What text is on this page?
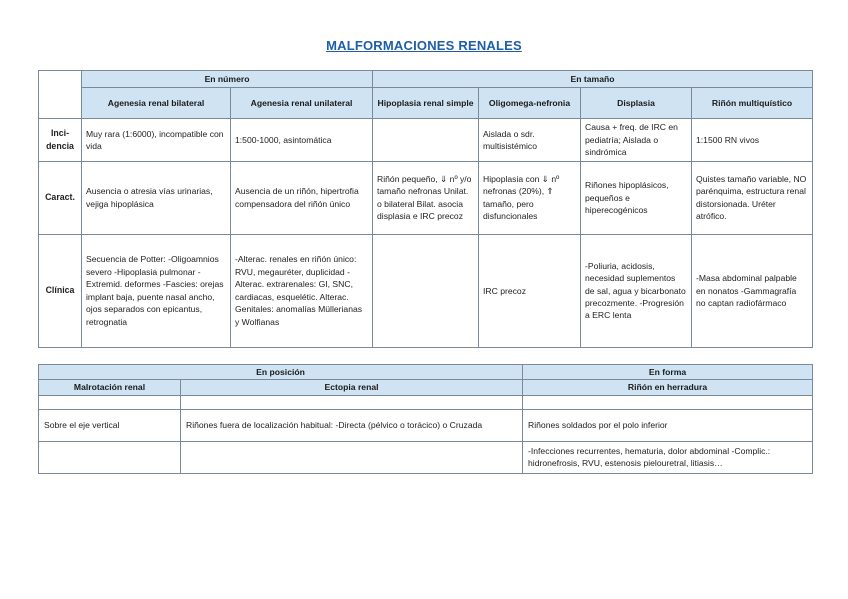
MALFORMACIONES RENALES
	En número		En tamaño			
	Agenesia renal bilateral	Agenesia renal unilateral	Hipoplasia renal simple	Oligomega-nefronia	Displasia	Riñón multiquístico
Inci-dencia	Muy rara (1:6000), incompatible con vida	1:500-1000, asintomática		Aislada o sdr. multisistémico	Causa + freq. de IRC en pediatría; Aislada o sindrómica	1:1500 RN vivos
Caract.	Ausencia o atresia vías urinarias, vejiga hipoplásica	Ausencia de un riñón, hipertrofia compensadora del riñón único	Riñón pequeño, ⇓ nº y/o tamaño nefronas Unilat. o bilateral Bilat. asocia displasia e IRC precoz	Hipoplasia con ⇓ nº nefronas (20%), ⇑ tamaño, pero disfuncionales	Riñones hipoplásicos, pequeños e hiperecogénicos	Quistes tamaño variable, NO parénquima, estructura renal distorsionada. Uréter atrófico.
Clínica	Secuencia de Potter: -Oligoamnios severo -Hipoplasia pulmonar -Extremid. deformes -Fascies: orejas implant baja, puente nasal ancho, ojos separados con epicantus, retrognatia	-Alterac. renales en riñón único: RVU, megauréter, duplicidad -Alterac. extrarenales: GI, SNC, cardiacas, esquelétic. Alterac. Genitales: anomalías Müllerianas y Wolfianas		IRC precoz	-Poliuria, acidosis, necesidad suplementos de sal, agua y bicarbonato precozmente. -Progresión a ERC lenta	-Masa abdominal palpable en nonatos -Gammagrafía no captan radiofármaco
En posición		En forma
Malrotación renal	Ectopia renal	Riñón en herradura

Sobre el eje vertical	Riñones fuera de localización habitual: -Directa (pélvico o torácico) o Cruzada	Riñones soldados por el polo inferior
		-Infecciones recurrentes, hematuria, dolor abdominal -Complic.: hidronefrosis, RVU, estenosis pielouretral, litiasis…
